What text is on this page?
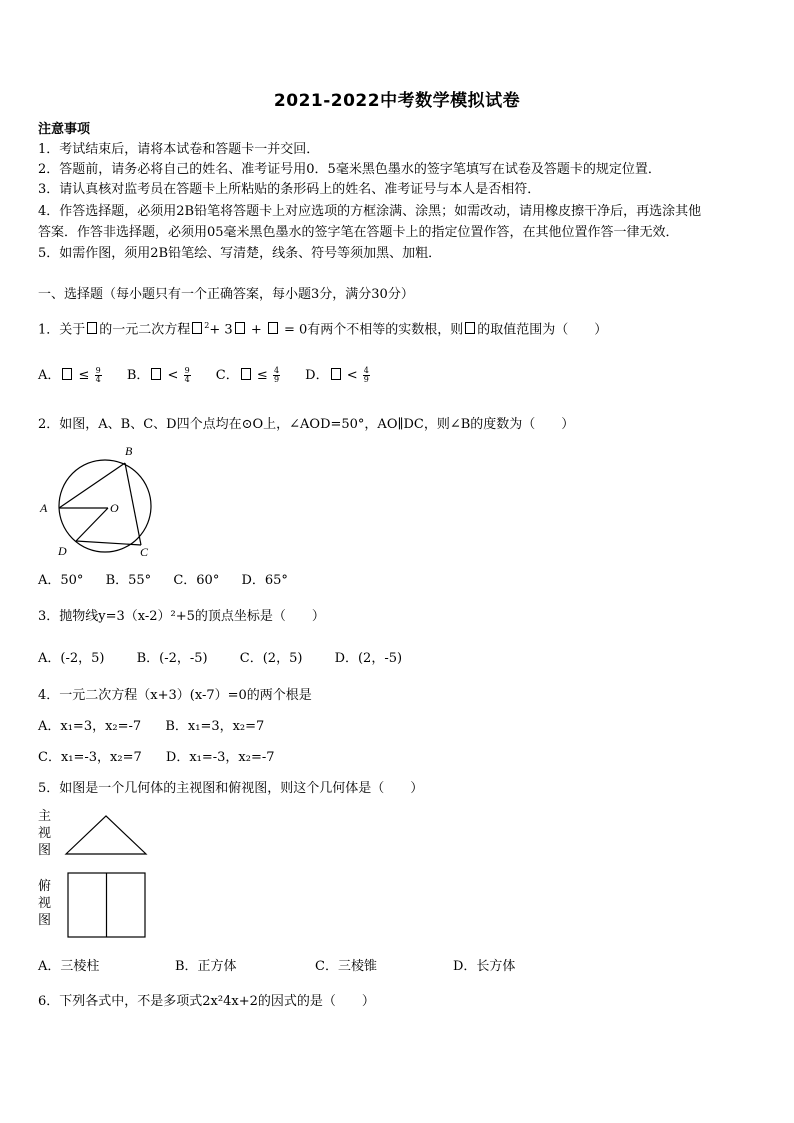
2021-2022中考数学模拟试卷
注意事项
1．考试结束后，请将本试卷和答题卡一并交回．
2．答题前，请务必将自己的姓名、准考证号用0．5毫米黑色墨水的签字笔填写在试卷及答题卡的规定位置．
3．请认真核对监考员在答题卡上所粘贴的条形码上的姓名、准考证号与本人是否相符．
4．作答选择题，必须用2B铅笔将答题卡上对应选项的方框涂满、涂黑；如需改动，请用橡皮擦干净后，再选涂其他
答案．作答非选择题，必须用05毫米黑色墨水的签字笔在答题卡上的指定位置作答，在其他位置作答一律无效．
5．如需作图，须用2B铅笔绘、写清楚，线条、符号等须加黑、加粗．
一、选择题（每小题只有一个正确答案，每小题3分，满分30分）
1．关于 的一元二次方程 $^2$+ 3 +  = 0有两个不相等的实数根，则 的取值范围为（　　）
A． ≤ $\frac{9}{4}$ B． < $\frac{9}{4}$ C． ≤ $\frac{4}{9}$ D． < $\frac{4}{9}$
2．如图，A、B、C、D四个点均在⊙O上，∠AOD=50°，AO∥DC，则∠B的度数为（　　）
B
A	O
D	C
A．50° B．55° C．60° D．65°
3．抛物线y=3（x-2）²+5的顶点坐标是（　　）
A．(-2，5) B．(-2，-5) C．(2，5) D．(2，-5)
4．一元二次方程（x+3）(x-7）=0的两个根是
A．x₁=3，x₂=-7 B．x₁=3，x₂=7
C．x₁=-3，x₂=7 D．x₁=-3，x₂=-7
5．如图是一个几何体的主视图和俯视图，则这个几何体是（　　）
主
视
图
俯
视
图
A．三棱柱	B．正方体	C．三棱锥	D．长方体
6．下列各式中，不是多项式2x²4x+2的因式的是（　　）
